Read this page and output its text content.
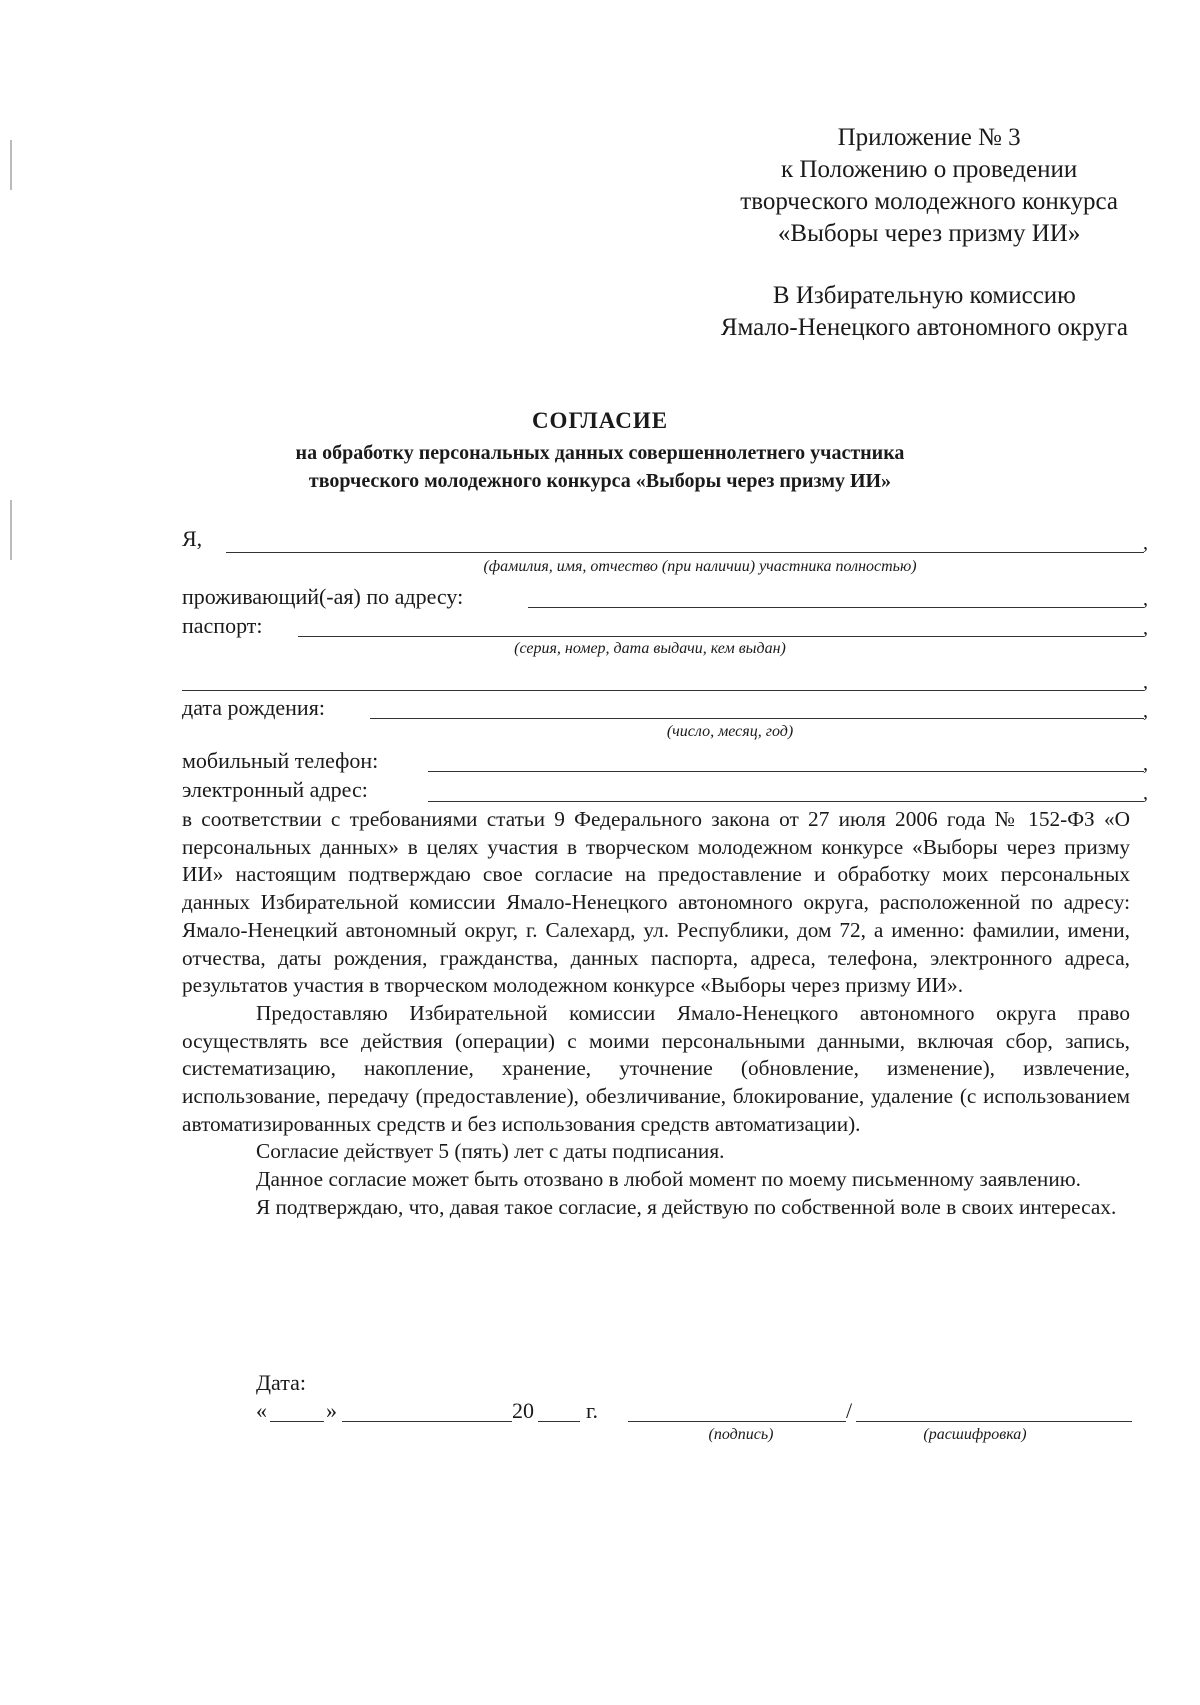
Приложение № 3
к Положению о проведении
творческого молодежного конкурса
«Выборы через призму ИИ»
В Избирательную комиссию
Ямало-Ненецкого автономного округа
СОГЛАСИЕ
на обработку персональных данных совершеннолетнего участника
творческого молодежного конкурса «Выборы через призму ИИ»
Я,	,
(фамилия, имя, отчество (при наличии) участника полностью)
проживающий(-ая) по адресу:	,
паспорт:	,
(серия, номер, дата выдачи, кем выдан)
,
дата рождения:	,
(число, месяц, год)
мобильный телефон:	,
электронный адрес:	,

в соответствии с требованиями статьи 9 Федерального закона от 27 июля 2006 года № 152-ФЗ «О персональных данных» в целях участия в творческом молодежном конкурсе «Выборы через призму ИИ» настоящим подтверждаю свое согласие на предоставление и обработку моих персональных данных Избирательной комиссии Ямало-Ненецкого автономного округа, расположенной по адресу: Ямало-Ненецкий автономный округ, г. Салехард, ул. Республики, дом 72, а именно: фамилии, имени, отчества, даты рождения, гражданства, данных паспорта, адреса, телефона, электронного адреса, результатов участия в творческом молодежном конкурсе «Выборы через призму ИИ».

Предоставляю Избирательной комиссии Ямало-Ненецкого автономного округа право осуществлять все действия (операции) с моими персональными данными, включая сбор, запись, систематизацию, накопление, хранение, уточнение (обновление, изменение), извлечение, использование, передачу (предоставление), обезличивание, блокирование, удаление (с использованием автоматизированных средств и без использования средств автоматизации).

Согласие действует 5 (пять) лет с даты подписания.

Данное согласие может быть отозвано в любой момент по моему письменному заявлению.

Я подтверждаю, что, давая такое согласие, я действую по собственной воле в своих интересах.

Дата:
«	»	20 г.	/
(подпись)	(расшифровка)
